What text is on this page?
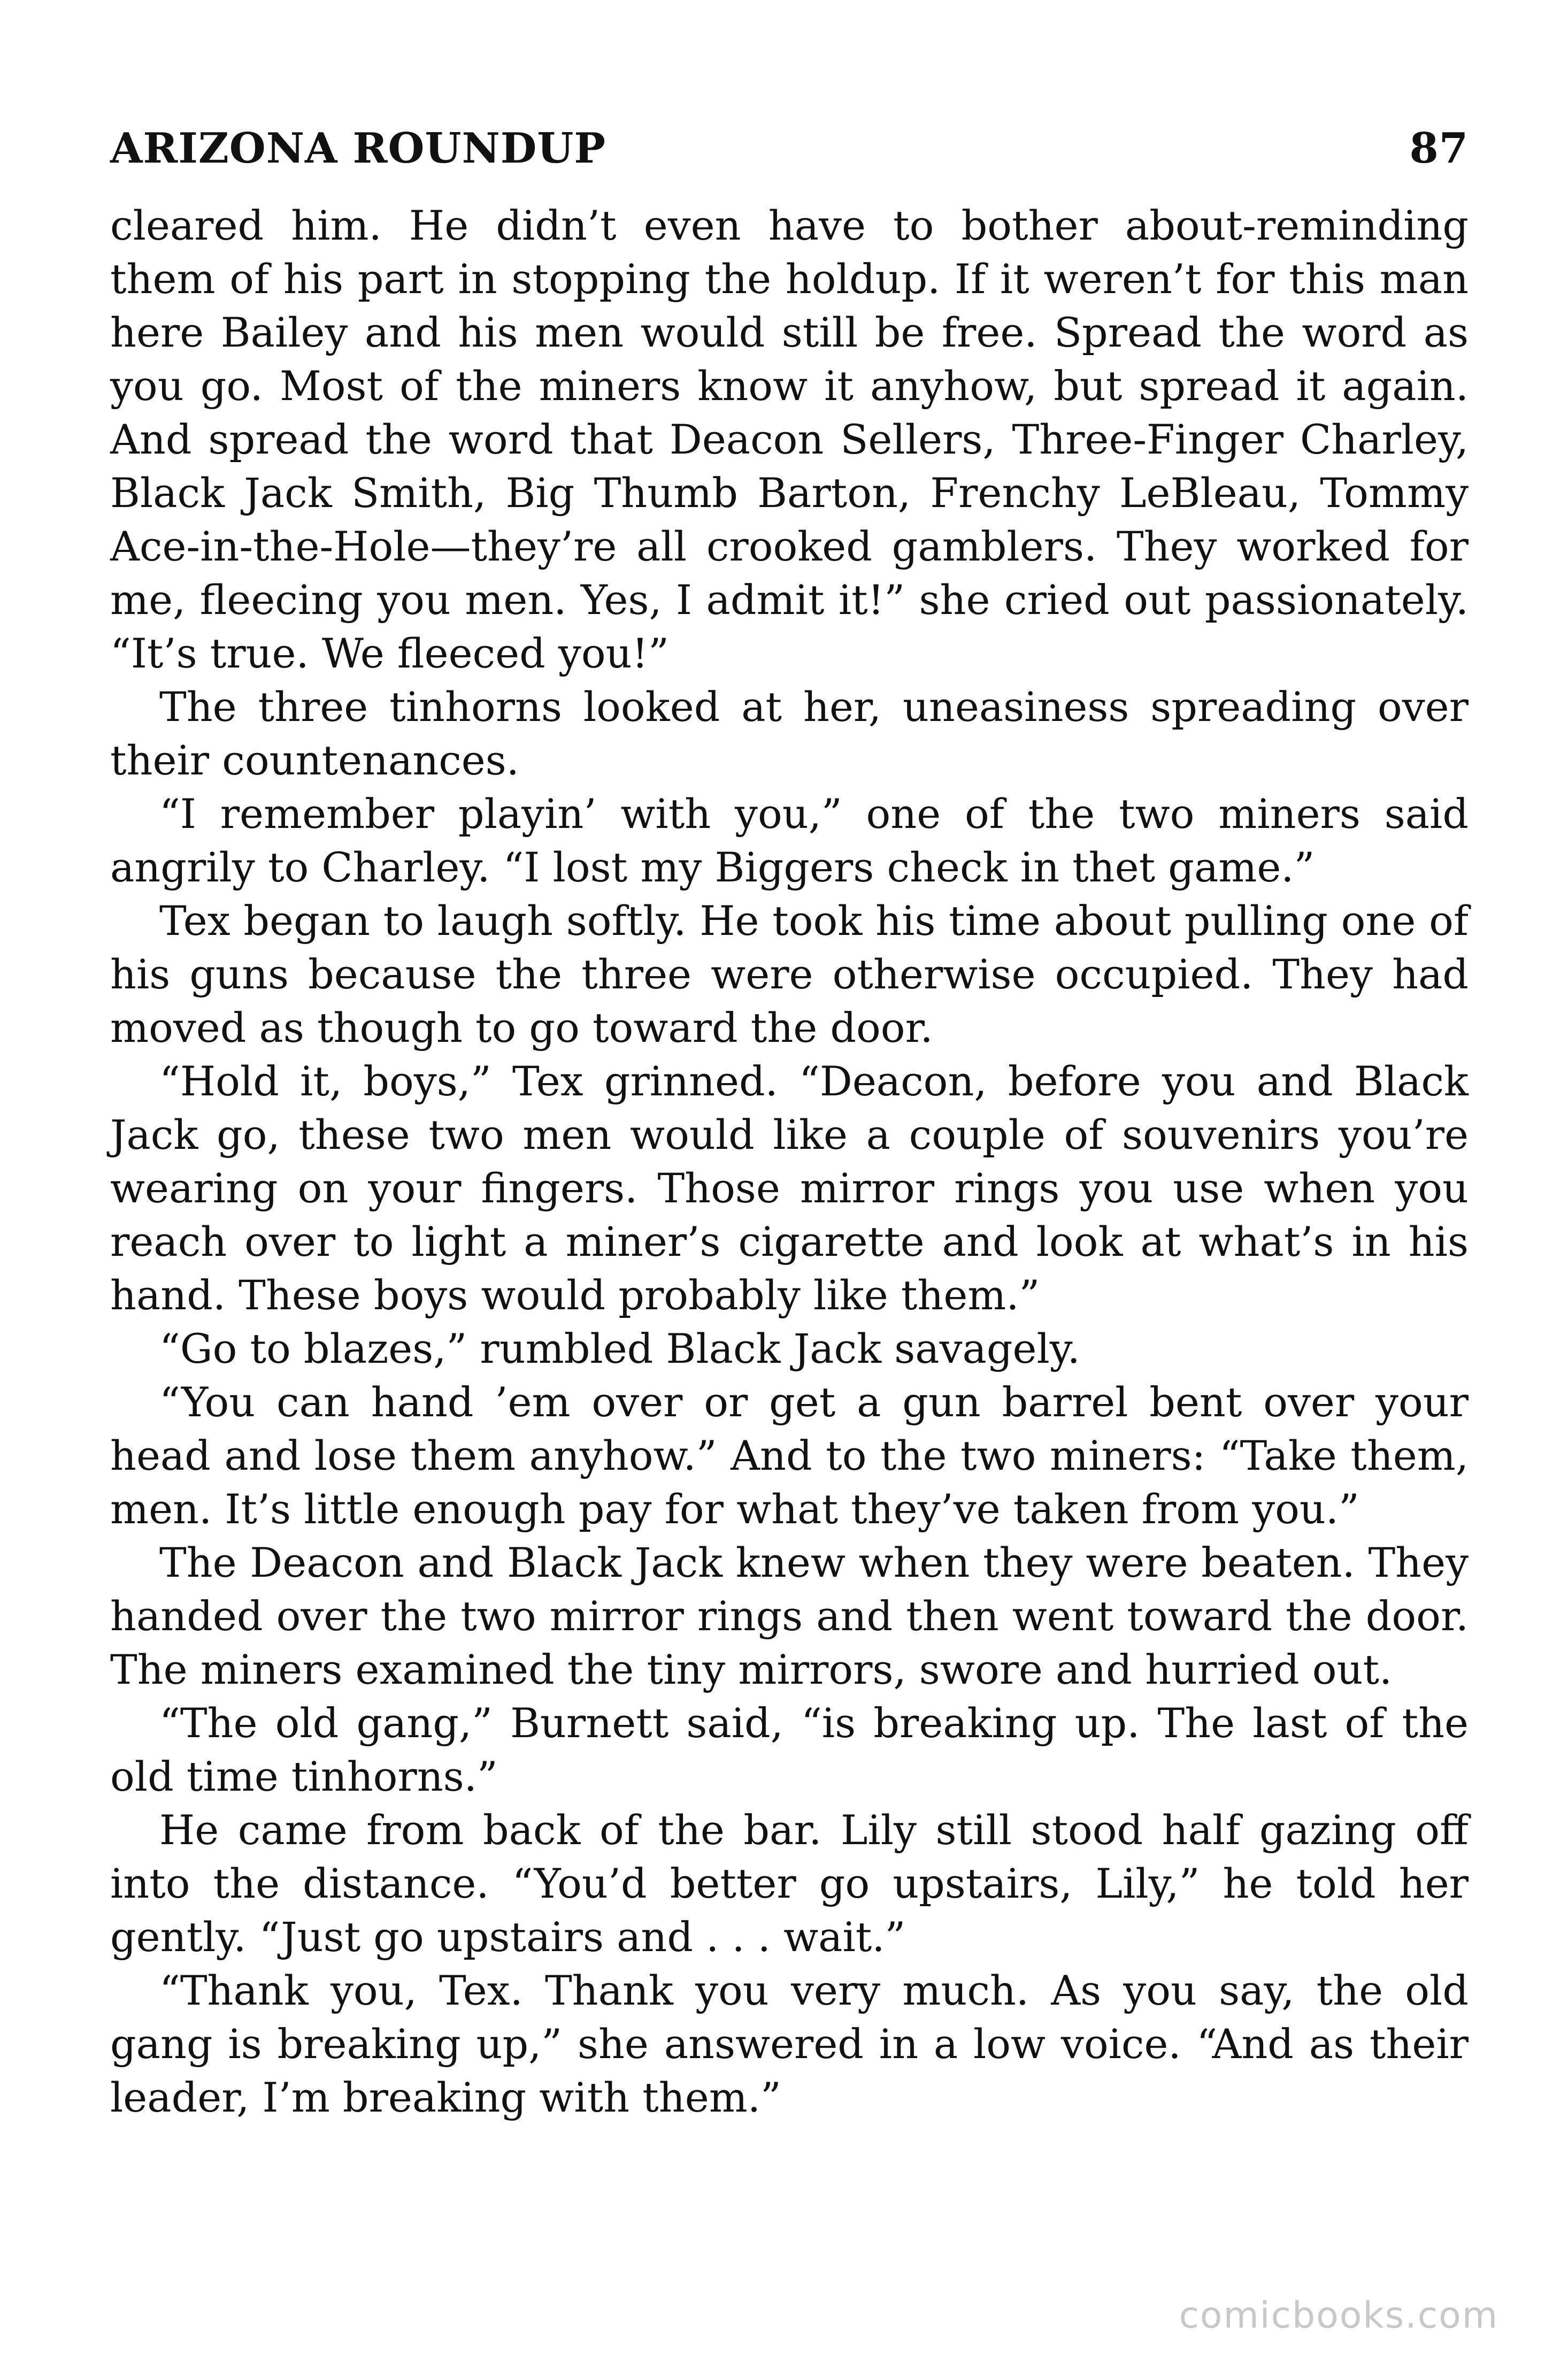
ARIZONA ROUNDUP	87

cleared him. He didn’t even have to bother about-reminding them of his part in stopping the holdup. If it weren’t for this man here Bailey and his men would still be free. Spread the word as you go. Most of the miners know it anyhow, but spread it again. And spread the word that Deacon Sellers, Three-Finger Charley, Black Jack Smith, Big Thumb Barton, Frenchy LeBleau, Tommy Ace-in-the-Hole—they’re all crooked gamblers. They worked for me, fleecing you men. Yes, I admit it!” she cried out passionately. “It’s true. We fleeced you!”

The three tinhorns looked at her, uneasiness spreading over their countenances.

“I remember playin’ with you,” one of the two miners said angrily to Charley. “I lost my Biggers check in thet game.”

Tex began to laugh softly. He took his time about pulling one of his guns because the three were otherwise occupied. They had moved as though to go toward the door.

“Hold it, boys,” Tex grinned. “Deacon, before you and Black Jack go, these two men would like a couple of souvenirs you’re wearing on your fingers. Those mirror rings you use when you reach over to light a miner’s cigarette and look at what’s in his hand. These boys would probably like them.”

“Go to blazes,” rumbled Black Jack savagely.

“You can hand ’em over or get a gun barrel bent over your head and lose them anyhow.” And to the two miners: “Take them, men. It’s little enough pay for what they’ve taken from you.”

The Deacon and Black Jack knew when they were beaten. They handed over the two mirror rings and then went toward the door. The miners examined the tiny mirrors, swore and hurried out.

“The old gang,” Burnett said, “is breaking up. The last of the old time tinhorns.”

He came from back of the bar. Lily still stood half gazing off into the distance. “You’d better go upstairs, Lily,” he told her gently. “Just go upstairs and . . . wait.”

“Thank you, Tex. Thank you very much. As you say, the old gang is breaking up,” she answered in a low voice. “And as their leader, I’m breaking with them.”

comicbooks.com
